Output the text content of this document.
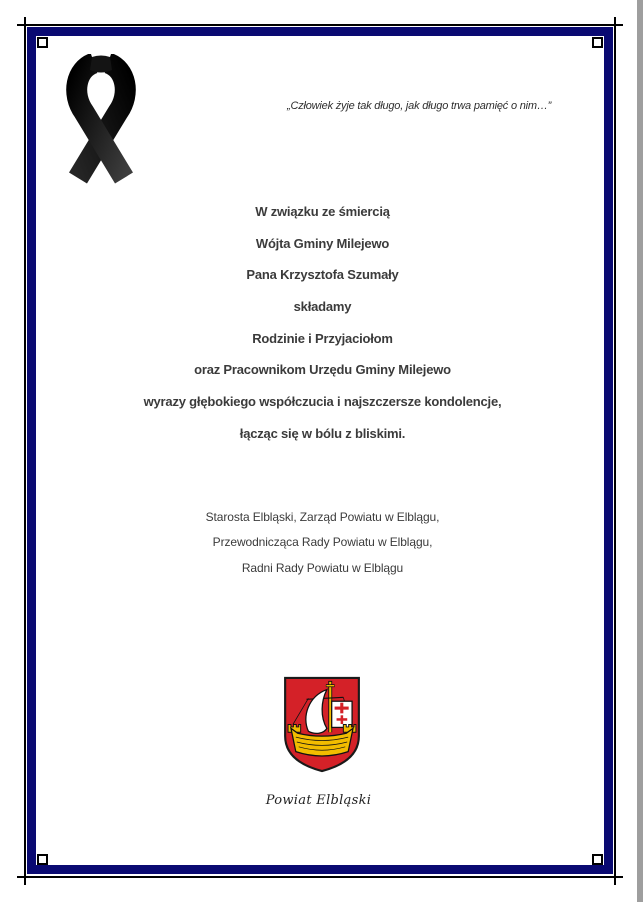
„Człowiek żyje tak długo, jak długo trwa pamięć o nim…”
W związku ze śmiercią
Wójta Gminy Milejewo
Pana Krzysztofa Szumały
składamy
Rodzinie i Przyjaciołom
oraz Pracownikom Urzędu Gminy Milejewo
wyrazy głębokiego współczucia i najszczersze kondolencje,
łącząc się w bólu z bliskimi.
Starosta Elbląski, Zarząd Powiatu w Elblągu,
Przewodnicząca Rady Powiatu w Elblągu,
Radni Rady Powiatu w Elblągu
Powiat Elbląski
